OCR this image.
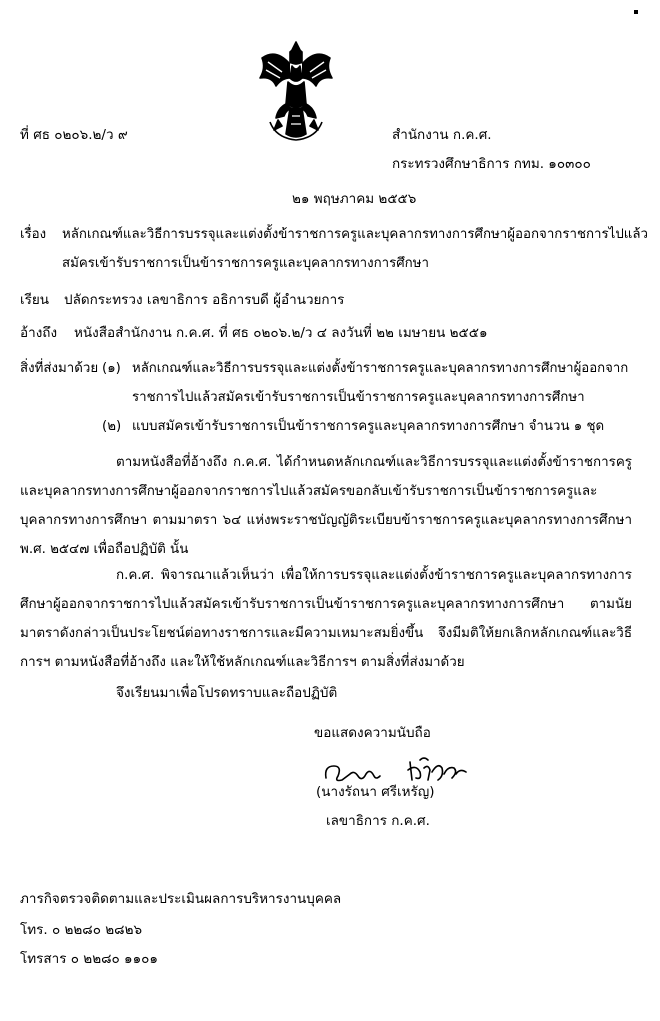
ที่ ศธ ๐๒๐๖.๒/ว ๙	สำนักงาน ก.ค.ศ.
กระทรวงศึกษาธิการ กทม. ๑๐๓๐๐
๒๑ พฤษภาคม ๒๕๕๖
เรื่อง หลักเกณฑ์และวิธีการบรรจุและแต่งตั้งข้าราชการครูและบุคลากรทางการศึกษาผู้ออกจากราชการไปแล้ว
สมัครเข้ารับราชการเป็นข้าราชการครูและบุคลากรทางการศึกษา
เรียน ปลัดกระทรวง เลขาธิการ อธิการบดี ผู้อำนวยการ
อ้างถึง หนังสือสำนักงาน ก.ค.ศ. ที่ ศธ ๐๒๐๖.๒/ว ๔ ลงวันที่ ๒๒ เมษายน ๒๕๕๑
สิ่งที่ส่งมาด้วย (๑) หลักเกณฑ์และวิธีการบรรจุและแต่งตั้งข้าราชการครูและบุคลากรทางการศึกษาผู้ออกจาก
ราชการไปแล้วสมัครเข้ารับราชการเป็นข้าราชการครูและบุคลากรทางการศึกษา
(๒) แบบสมัครเข้ารับราชการเป็นข้าราชการครูและบุคลากรทางการศึกษา จำนวน ๑ ชุด
ตามหนังสือที่อ้างถึง ก.ค.ศ. ได้กำหนดหลักเกณฑ์และวิธีการบรรจุและแต่งตั้งข้าราชการครูและบุคลากรทางการศึกษาผู้ออกจากราชการไปแล้วสมัครขอกลับเข้ารับราชการเป็นข้าราชการครูและบุคลากรทางการศึกษา ตามมาตรา ๖๔ แห่งพระราชบัญญัติระเบียบข้าราชการครูและบุคลากรทางการศึกษา พ.ศ. ๒๕๔๗ เพื่อถือปฏิบัติ นั้น
ก.ค.ศ. พิจารณาแล้วเห็นว่า เพื่อให้การบรรจุและแต่งตั้งข้าราชการครูและบุคลากรทางการศึกษาผู้ออกจากราชการไปแล้วสมัครเข้ารับราชการเป็นข้าราชการครูและบุคลากรทางการศึกษา ตามนัยมาตราดังกล่าวเป็นประโยชน์ต่อทางราชการและมีความเหมาะสมยิ่งขึ้น จึงมีมติให้ยกเลิกหลักเกณฑ์และวิธีการฯ ตามหนังสือที่อ้างถึง และให้ใช้หลักเกณฑ์และวิธีการฯ ตามสิ่งที่ส่งมาด้วย
จึงเรียนมาเพื่อโปรดทราบและถือปฏิบัติ
ขอแสดงความนับถือ
(นางรัถนา ศรีเหรัญ)
เลขาธิการ ก.ค.ศ.
ภารกิจตรวจติดตามและประเมินผลการบริหารงานบุคคล
โทร. ๐ ๒๒๘๐ ๒๘๒๖
โทรสาร ๐ ๒๒๘๐ ๑๑๐๑
